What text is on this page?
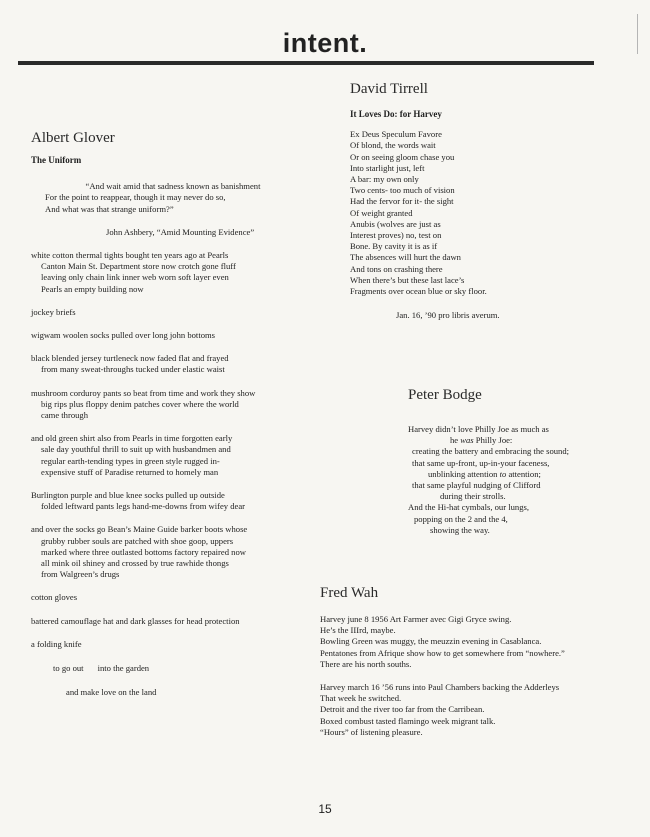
intent.

Albert Glover

The Uniform

“And wait amid that sadness known as banishment

For the point to reappear, though it may never do so,

And what was that strange uniform?”

John Ashbery, “Amid Mounting Evidence”

white cotton thermal tights bought ten years ago at Pearls

Canton Main St. Department store now crotch gone fluff

leaving only chain link inner web worn soft layer even

Pearls an empty building now

jockey briefs

wigwam woolen socks pulled over long john bottoms

black blended jersey turtleneck now faded flat and frayed

from many sweat-throughs tucked under elastic waist

mushroom corduroy pants so beat from time and work they show

big rips plus floppy denim patches cover where the world

came through

and old green shirt also from Pearls in time forgotten early

sale day youthful thrill to suit up with husbandmen and

regular earth-tending types in green style rugged in-

expensive stuff of Paradise returned to homely man

Burlington purple and blue knee socks pulled up outside

folded leftward pants legs hand-me-downs from wifey dear

and over the socks go Bean’s Maine Guide barker boots whose

grubby rubber souls are patched with shoe goop, uppers

marked where three outlasted bottoms factory repaired now

all mink oil shiney and crossed by true rawhide thongs

from Walgreen’s drugs

cotton gloves

battered camouflage hat and dark glasses for head protection

a folding knife

to go out into the garden

and make love on the land

David Tirrell

It Loves Do: for Harvey

Ex Deus Speculum Favore

Of blond, the words wait

Or on seeing gloom chase you

Into starlight just, left

A bar: my own only

Two cents- too much of vision

Had the fervor for it- the sight

Of weight granted

Anubis (wolves are just as

Interest proves) no, test on

Bone. By cavity it is as if

The absences will hurt the dawn

And tons on crashing there

When there’s but these last lace’s

Fragments over ocean blue or sky floor.

Jan. 16, ’90 pro libris averum.

Peter Bodge

Harvey didn’t love Philly Joe as much as

he was Philly Joe:

creating the battery and embracing the sound;

that same up-front, up-in-your faceness,

unblinking attention to attention;

that same playful nudging of Clifford

during their strolls.

And the Hi-hat cymbals, our lungs,

popping on the 2 and the 4,

showing the way.

Fred Wah

Harvey june 8 1956 Art Farmer avec Gigi Gryce swing.

He’s the IIIrd, maybe.

Bowling Green was muggy, the meuzzin evening in Casablanca.

Pentatones from Afrique show how to get somewhere from “nowhere.”

There are his north souths.

Harvey march 16 ’56 runs into Paul Chambers backing the Adderleys

That week he switched.

Detroit and the river too far from the Carribean.

Boxed combust tasted flamingo week migrant talk.

“Hours” of listening pleasure.

15
